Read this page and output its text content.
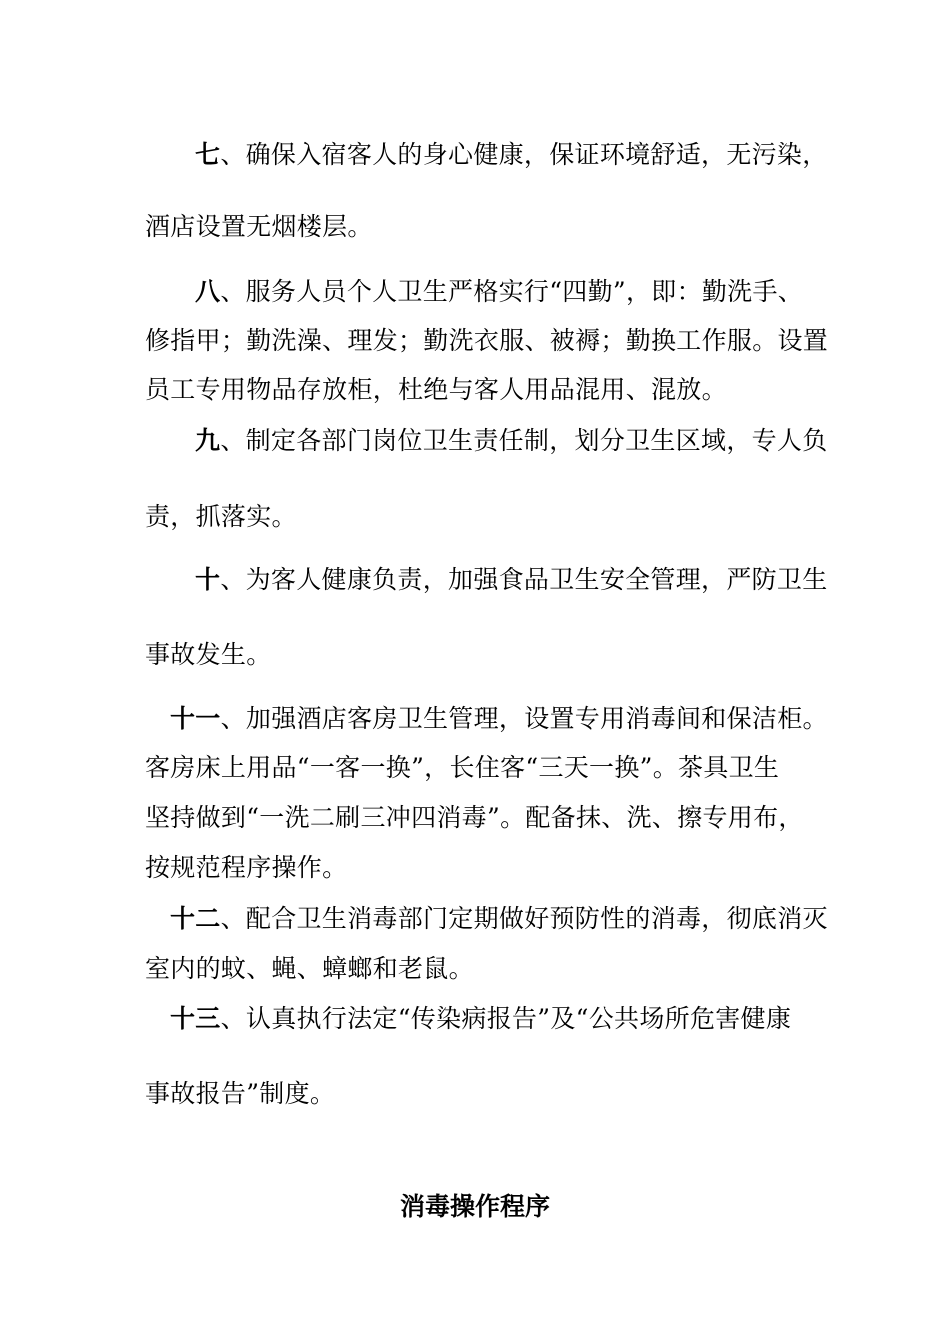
七、确保入宿客人的身心健康，保证环境舒适，无污染，
酒店设置无烟楼层。
八、服务人员个人卫生严格实行“四勤”，即：勤洗手、
修指甲；勤洗澡、理发；勤洗衣服、被褥；勤换工作服。设置
员工专用物品存放柜，杜绝与客人用品混用、混放。
九、制定各部门岗位卫生责任制，划分卫生区域，专人负
责，抓落实。
十、为客人健康负责，加强食品卫生安全管理，严防卫生
事故发生。
十一、加强酒店客房卫生管理，设置专用消毒间和保洁柜。
客房床上用品“一客一换”，长住客“三天一换”。茶具卫生
坚持做到“一洗二刷三冲四消毒”。配备抹、洗、擦专用布，
按规范程序操作。
十二、配合卫生消毒部门定期做好预防性的消毒，彻底消灭
室内的蚊、蝇、蟑螂和老鼠。
十三、认真执行法定“传染病报告”及“公共场所危害健康
事故报告”制度。
消毒操作程序
